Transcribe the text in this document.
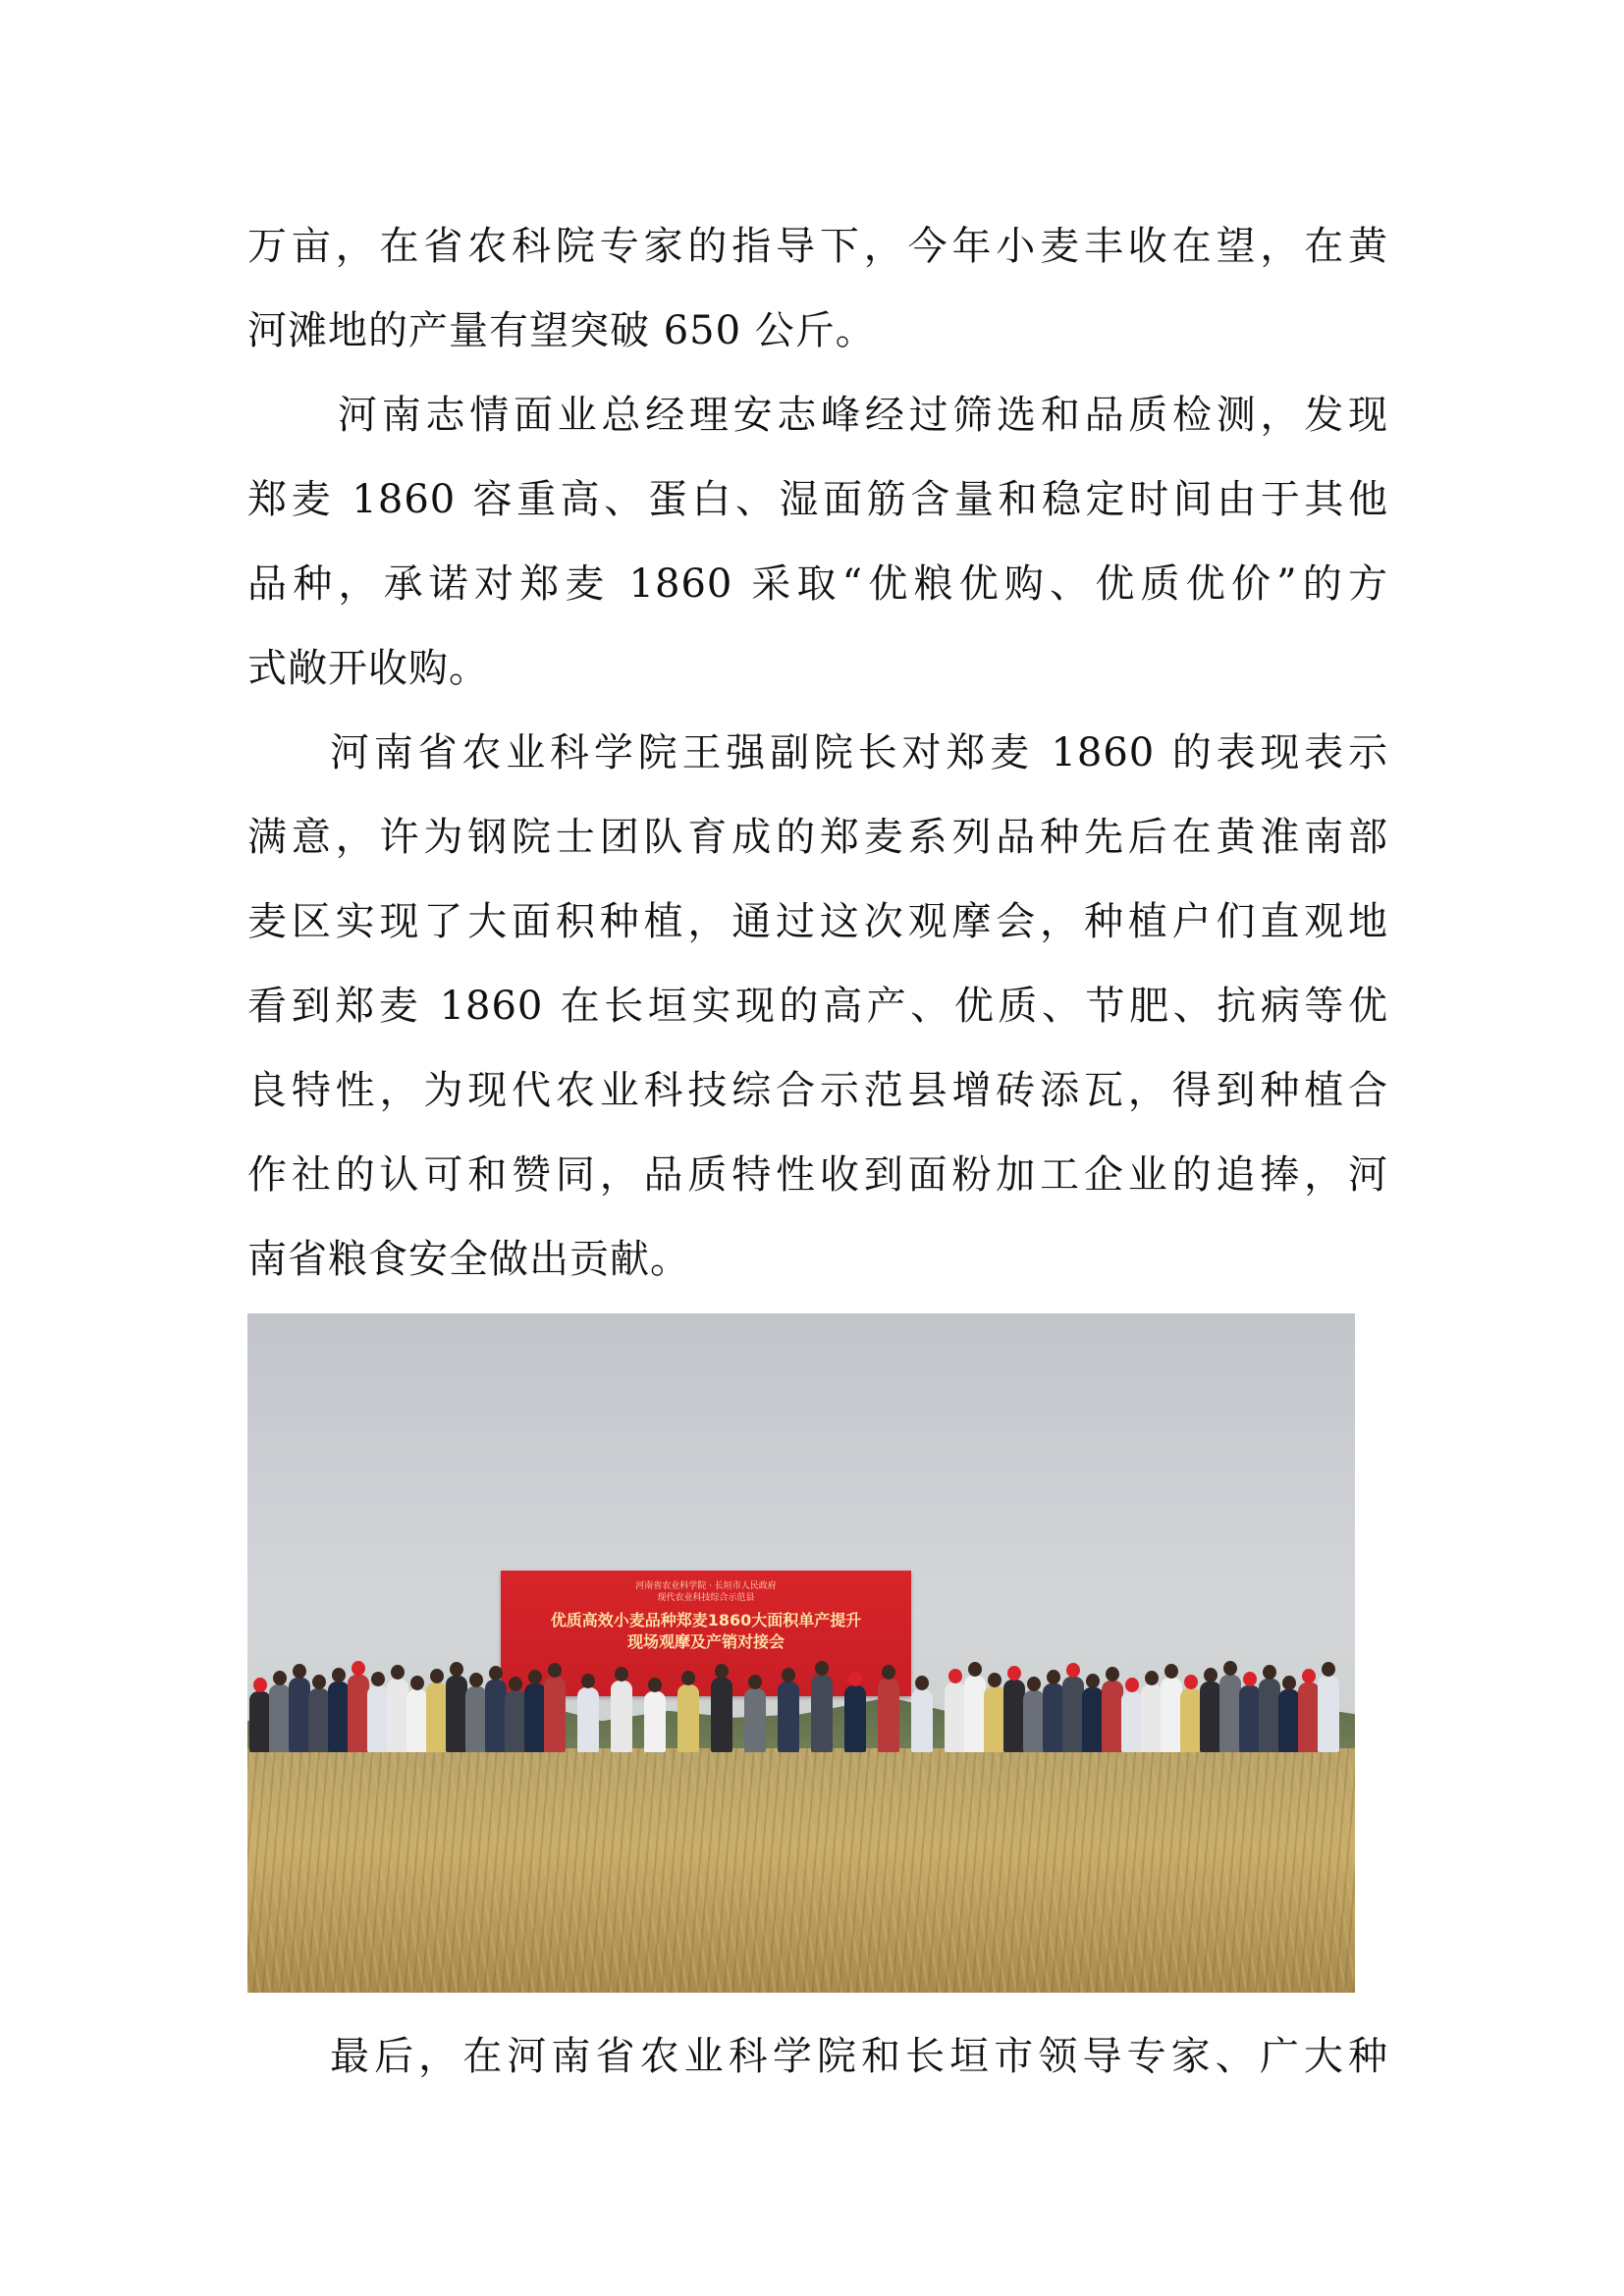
万亩，在省农科院专家的指导下，今年小麦丰收在望，在黄
河滩地的产量有望突破 650 公斤。
河南志情面业总经理安志峰经过筛选和品质检测，发现
郑麦 1860 容重高、蛋白、湿面筋含量和稳定时间由于其他
品种，承诺对郑麦 1860 采取“优粮优购、优质优价”的方
式敞开收购。
河南省农业科学院王强副院长对郑麦 1860 的表现表示
满意，许为钢院士团队育成的郑麦系列品种先后在黄淮南部
麦区实现了大面积种植，通过这次观摩会，种植户们直观地
看到郑麦 1860 在长垣实现的高产、优质、节肥、抗病等优
良特性，为现代农业科技综合示范县增砖添瓦，得到种植合
作社的认可和赞同，品质特性收到面粉加工企业的追捧，河
南省粮食安全做出贡献。
河南省农业科学院 · 长垣市人民政府
现代农业科技综合示范县
优质高效小麦品种郑麦1860大面积单产提升
现场观摩及产销对接会
最后，在河南省农业科学院和长垣市领导专家、广大种
